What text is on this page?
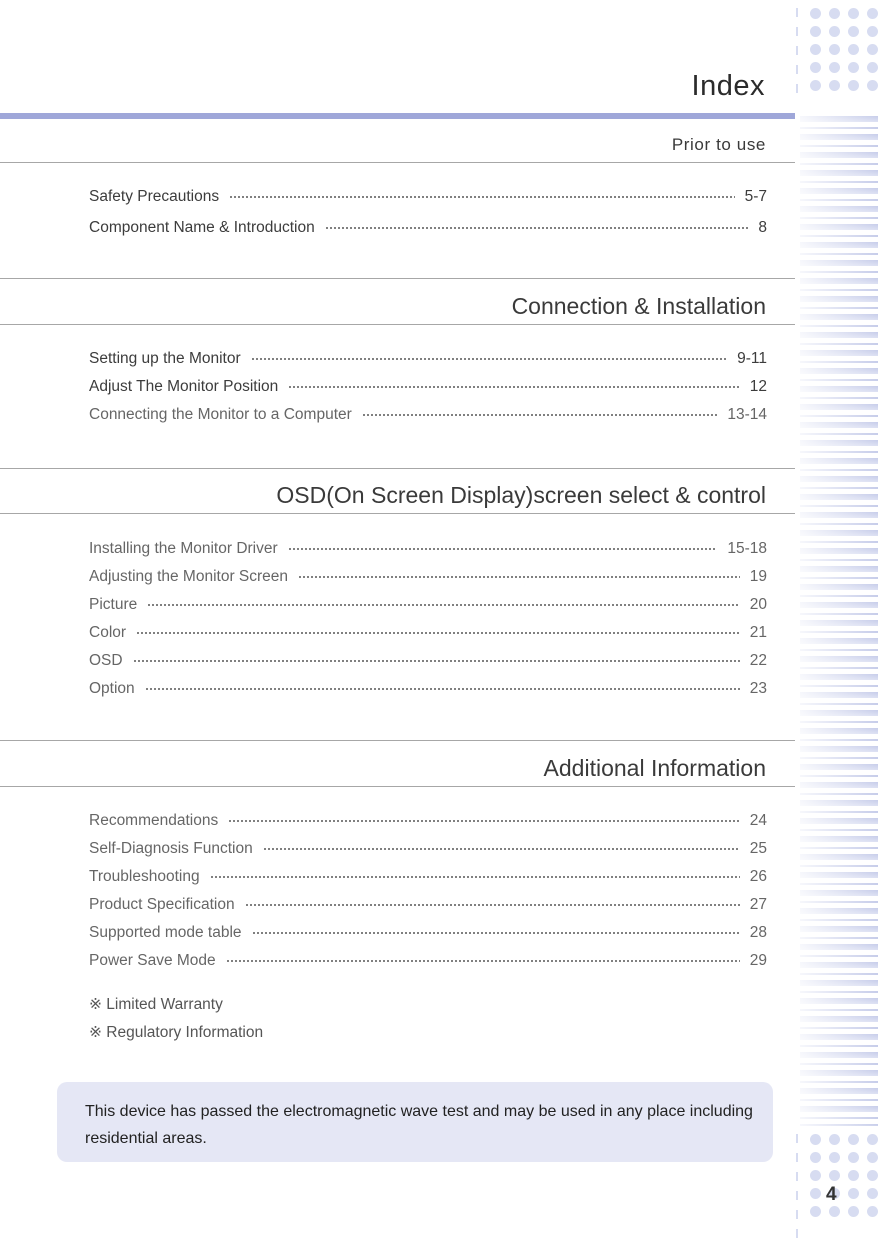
Index
Prior to use
Safety Precautions	5-7
Component Name & Introduction	8
Connection & Installation
Setting up the Monitor	9-11
Adjust The Monitor Position	12
Connecting the Monitor to a Computer	13-14
OSD(On Screen Display)screen select & control
Installing the Monitor Driver	15-18
Adjusting the Monitor Screen	19
Picture	20
Color	21
OSD	22
Option	23
Additional Information
Recommendations	24
Self-Diagnosis Function	25
Troubleshooting	26
Product Specification	27
Supported mode table	28
Power Save Mode	29
※ Limited Warranty
※ Regulatory Information

This device has passed the electromagnetic wave test and may be used in any place including residential areas.

4
